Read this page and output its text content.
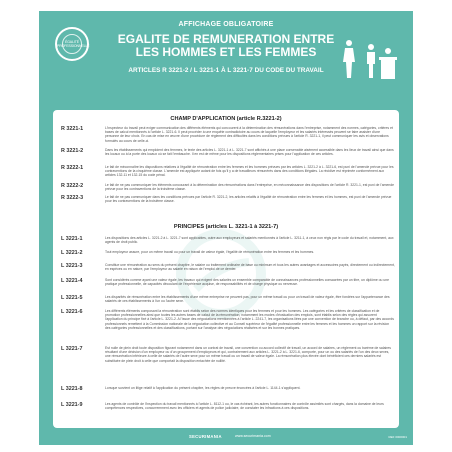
ÉGALITÉ PROFESSIONNELLE
AFFICHAGE OBLIGATOIRE
EGALITE DE REMUNERATION ENTRE
LES HOMMES ET LES FEMMES
ARTICLES R 3221-2 / L 3221-1 À L 3221-7 DU CODE DU TRAVAIL
CHAMP D'APPLICATION (article R.3221-2)
R 3221-1	L'inspecteur du travail peut exiger communication des différents éléments qui concourent à la détermination des rémunérations dans l'entreprise, notamment des normes, catégories, critères et bases de calcul mentionnés à l'article L. 3221-6. Il peut procéder à une enquête contradictoire au cours de laquelle l'employeur et les salariés intéressés peuvent se faire assister d'une personne de leur choix. En cas de mise en œuvre d'une procédure de règlement des difficultés dans les conditions prévues à l'article R. 3221-1, il peut communiquer les avis et observations formulés au cours de celle-ci.
R 3221-2	Dans les établissements qui emploient des femmes, le texte des articles L. 3221-1 à L. 3221-7 sont affichés à une place convenable aisément accessible dans les lieux de travail ainsi que dans les locaux ou à la porte des locaux où se fait l'embauche. Il en est de même pour les dispositions réglementaires prises pour l'application de ces articles.
R 3222-1	Le fait de méconnaître les dispositions relatives à l'égalité de rémunération entre les femmes et les hommes prévues par les articles L. 3221-2 à L. 3221-6, est puni de l'amende prévue pour les contraventions de la cinquième classe. L'amende est appliquée autant de fois qu'il y a de travailleurs rémunérés dans des conditions illégales. La récidive est réprimée conformément aux articles 132-11 et 132-15 du code pénal.
R 3222-2	Le fait de ne pas communiquer les éléments concourant à la détermination des rémunérations dans l'entreprise, en méconnaissance des dispositions de l'article R. 3221-1, est puni de l'amende prévue pour les contraventions de la troisième classe.
R 3222-3	Le fait de ne pas communiquer dans les conditions prévues par l'article R. 3221-2, les articles relatifs à l'égalité de rémunération entre les femmes et les hommes, est puni de l'amende prévue pour les contraventions de la troisième classe.
PRINCIPES (articles L. 3221-1 à 3221-7)
L 3221-1	Les dispositions des articles L. 3221-2 à L. 3221-7 sont applicables, outre aux employeurs et salariés mentionnés à l'article L. 3211-1, à ceux non régis par le code du travail et, notamment, aux agents de droit public.
L 3221-2	Tout employeur assure, pour un même travail ou pour un travail de valeur égale, l'égalité de rémunération entre les femmes et les hommes.
L 3221-3	Constitue une rémunération au sens du présent chapitre, le salaire ou traitement ordinaire de base ou minimum et tous les autres avantages et accessoires payés, directement ou indirectement, en espèces ou en nature, par l'employeur au salarié en raison de l'emploi de ce dernier.
L 3221-4	Sont considérés comme ayant une valeur égale, les travaux qui exigent des salariés un ensemble comparable de connaissances professionnelles consacrées par un titre, un diplôme ou une pratique professionnelle, de capacités découlant de l'expérience acquise, de responsabilités et de charge physique ou nerveuse.
L 3221-5	Les disparités de rémunération entre les établissements d'une même entreprise ne peuvent pas, pour un même travail ou pour un travail de valeur égale, être fondées sur l'appartenance des salariés de ces établissements à l'un ou l'autre sexe.
L 3221-6	Les différents éléments composant la rémunération sont établis selon des normes identiques pour les femmes et pour les hommes. Les catégories et les critères de classification et de promotion professionnelles ainsi que toutes les autres bases de calcul de la rémunération, notamment les modes d'évaluation des emplois, sont établis selon des règles qui assurent l'application du principe fixé à l'article L. 3221-2. A l'issue des négociations mentionnées à l'article L. 2241-7, les organisations liées par une convention de branche ou, à défaut, par des accords professionnels remettent à la Commission nationale de la négociation collective et au Conseil supérieur de l'égalité professionnelle entre les femmes et les hommes un rapport sur la révision des catégories professionnelles et des classifications, portant sur l'analyse des négociations réalisées et sur les bonnes pratiques.
L 3221-7	Est nulle de plein droit toute disposition figurant notamment dans un contrat de travail, une convention ou accord collectif de travail, un accord de salaires, un règlement ou barème de salaires résultant d'une décision d'un employeur ou d'un groupement d'employeurs et qui, contrairement aux articles L. 3221-2 à L. 3221-6, comporte, pour un ou des salariés de l'un des deux sexes, une rémunération inférieure à celle de salariés de l'autre sexe pour un même travail ou un travail de valeur égale. La rémunération plus élevée dont bénéficient ces derniers salariés est substituée de plein droit à celle que comportait la disposition entachée de nullité.
L 3221-8	Lorsque survient un litige relatif à l'application du présent chapitre, les règles de preuve énoncées à l'article L. 1144-1 s'appliquent.
L 3221-9	Les agents de contrôle de l'inspection du travail mentionnés à l'article L. 8112-1 ou, le cas échéant, les autres fonctionnaires de contrôle assimilés sont chargés, dans la domaine de leurs compétences respectives, concurremment avec les officiers et agents de police judiciaire, de constater les infractions à ces dispositions.
SECURIMANIA	www.securimania.com	REF 0000001
